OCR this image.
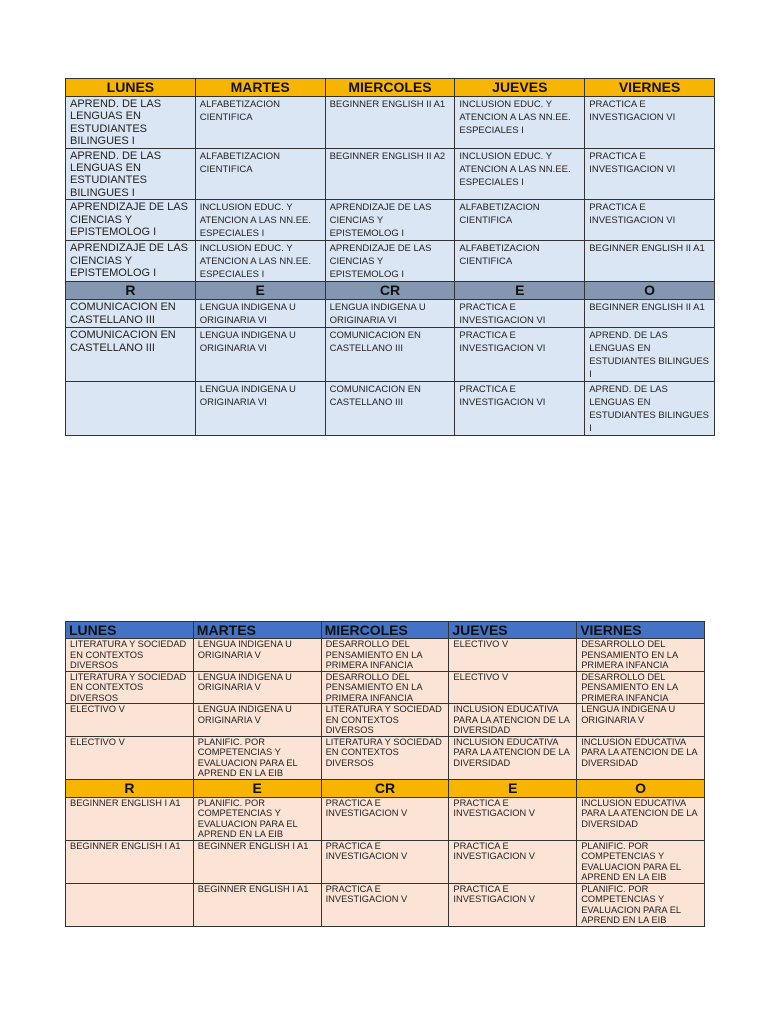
LUNES	MARTES	MIERCOLES	JUEVES	VIERNES

APREND. DE LAS LENGUAS EN ESTUDIANTES BILINGUES I	ALFABETIZACION CIENTIFICA	BEGINNER ENGLISH II A1	INCLUSION EDUC. Y ATENCION A LAS NN.EE. ESPECIALES I	PRACTICA E INVESTIGACION VI

APREND. DE LAS LENGUAS EN ESTUDIANTES BILINGUES I	ALFABETIZACION CIENTIFICA	BEGINNER ENGLISH II A2	INCLUSION EDUC. Y ATENCION A LAS NN.EE. ESPECIALES I	PRACTICA E INVESTIGACION VI

APRENDIZAJE DE LAS CIENCIAS Y EPISTEMOLOG I	INCLUSION EDUC. Y ATENCION A LAS NN.EE. ESPECIALES I	APRENDIZAJE DE LAS CIENCIAS Y EPISTEMOLOG I	ALFABETIZACION CIENTIFICA	PRACTICA E INVESTIGACION VI

APRENDIZAJE DE LAS CIENCIAS Y EPISTEMOLOG I	INCLUSION EDUC. Y ATENCION A LAS NN.EE. ESPECIALES I	APRENDIZAJE DE LAS CIENCIAS Y EPISTEMOLOG I	ALFABETIZACION CIENTIFICA	BEGINNER ENGLISH II A1

R	E	CR	E	O

COMUNICACION EN CASTELLANO III	LENGUA INDIGENA U ORIGINARIA VI	LENGUA INDIGENA U ORIGINARIA VI	PRACTICA E INVESTIGACION VI	BEGINNER ENGLISH II A1

COMUNICACION EN CASTELLANO III	LENGUA INDIGENA U ORIGINARIA VI	COMUNICACION EN CASTELLANO III	PRACTICA E INVESTIGACION VI	APREND. DE LAS LENGUAS EN ESTUDIANTES BILINGUES I

	LENGUA INDIGENA U ORIGINARIA VI	COMUNICACION EN CASTELLANO III	PRACTICA E INVESTIGACION VI	APREND. DE LAS LENGUAS EN ESTUDIANTES BILINGUES I
LUNES	MARTES	MIERCOLES	JUEVES	VIERNES

LITERATURA Y SOCIEDAD EN CONTEXTOS DIVERSOS	LENGUA INDIGENA U ORIGINARIA V	DESARROLLO DEL PENSAMIENTO EN LA PRIMERA INFANCIA	ELECTIVO V	DESARROLLO DEL PENSAMIENTO EN LA PRIMERA INFANCIA

LITERATURA Y SOCIEDAD EN CONTEXTOS DIVERSOS	LENGUA INDIGENA U ORIGINARIA V	DESARROLLO DEL PENSAMIENTO EN LA PRIMERA INFANCIA	ELECTIVO V	DESARROLLO DEL PENSAMIENTO EN LA PRIMERA INFANCIA

ELECTIVO V	LENGUA INDIGENA U ORIGINARIA V	LITERATURA Y SOCIEDAD EN CONTEXTOS DIVERSOS	INCLUSION EDUCATIVA PARA LA ATENCION DE LA DIVERSIDAD	LENGUA INDIGENA U ORIGINARIA V

ELECTIVO V	PLANIFIC. POR COMPETENCIAS Y EVALUACION PARA EL APREND EN LA EIB	LITERATURA Y SOCIEDAD EN CONTEXTOS DIVERSOS	INCLUSION EDUCATIVA PARA LA ATENCION DE LA DIVERSIDAD	INCLUSION EDUCATIVA PARA LA ATENCION DE LA DIVERSIDAD

R	E	CR	E	O

BEGINNER ENGLISH I A1	PLANIFIC. POR COMPETENCIAS Y EVALUACION PARA EL APREND EN LA EIB	PRACTICA E INVESTIGACION V	PRACTICA E INVESTIGACION V	INCLUSION EDUCATIVA PARA LA ATENCION DE LA DIVERSIDAD

BEGINNER ENGLISH I A1	BEGINNER ENGLISH I A1	PRACTICA E INVESTIGACION V	PRACTICA E INVESTIGACION V	PLANIFIC. POR COMPETENCIAS Y EVALUACION PARA EL APREND EN LA EIB

	BEGINNER ENGLISH I A1	PRACTICA E INVESTIGACION V	PRACTICA E INVESTIGACION V	PLANIFIC. POR COMPETENCIAS Y EVALUACION PARA EL APREND EN LA EIB
